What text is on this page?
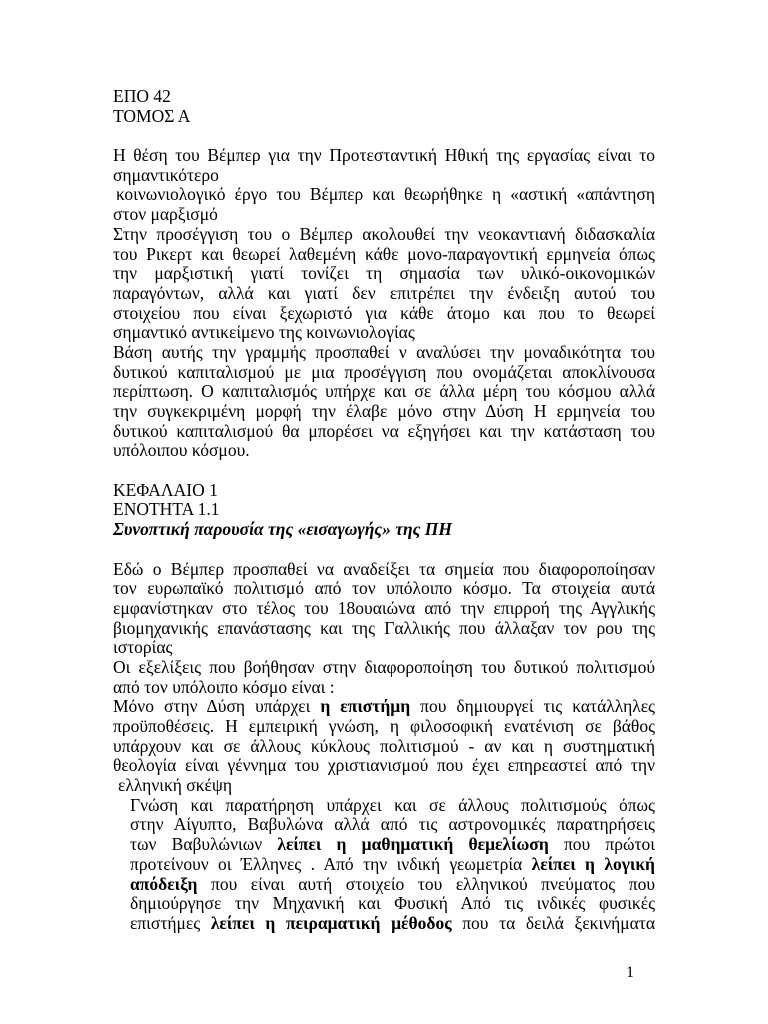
ΕΠΟ 42
ΤΟΜΟΣ Α
Η θέση του Βέμπερ για την Προτεσταντική Ηθική της εργασίας είναι το
σημαντικότερο
κοινωνιολογικό έργο του Βέμπερ και θεωρήθηκε η «αστική «απάντηση
στον μαρξισμό
Στην προσέγγιση του ο Βέμπερ ακολουθεί την νεοκαντιανή διδασκαλία
του Ρικερτ και θεωρεί λαθεμένη κάθε μονο-παραγοντική ερμηνεία όπως
την μαρξιστική γιατί τονίζει τη σημασία των υλικό-οικονομικών
παραγόντων, αλλά και γιατί δεν επιτρέπει την ένδειξη αυτού του
στοιχείου που είναι ξεχωριστό για κάθε άτομο και που το θεωρεί
σημαντικό αντικείμενο της κοινωνιολογίας
Βάση αυτής την γραμμής προσπαθεί ν αναλύσει την μοναδικότητα του
δυτικού καπιταλισμού με μια προσέγγιση που ονομάζεται αποκλίνουσα
περίπτωση. Ο καπιταλισμός υπήρχε και σε άλλα μέρη του κόσμου αλλά
την συγκεκριμένη μορφή την έλαβε μόνο στην Δύση Η ερμηνεία του
δυτικού καπιταλισμού θα μπορέσει να εξηγήσει και την κατάσταση του
υπόλοιπου κόσμου.
ΚΕΦΑΛΑΙΟ 1
ΕΝΟΤΗΤΑ 1.1
Συνοπτική παρουσία της «εισαγωγής» της ΠΗ
Εδώ ο Βέμπερ προσπαθεί να αναδείξει τα σημεία που διαφοροποίησαν
τον ευρωπαϊκό πολιτισμό από τον υπόλοιπο κόσμο. Τα στοιχεία αυτά
εμφανίστηκαν στο τέλος του 18ουαιώνα από την επιρροή της Αγγλικής
βιομηχανικής επανάστασης και της Γαλλικής που άλλαξαν τον ρου της
ιστορίας
Οι εξελίξεις που βοήθησαν στην διαφοροποίηση του δυτικού πολιτισμού
από τον υπόλοιπο κόσμο είναι :
Μόνο στην Δύση υπάρχει η επιστήμη που δημιουργεί τις κατάλληλες
προϋποθέσεις. Η εμπειρική γνώση, η φιλοσοφική ενατένιση σε βάθος
υπάρχουν και σε άλλους κύκλους πολιτισμού - αν και η συστηματική
θεολογία είναι γέννημα του χριστιανισμού που έχει επηρεαστεί από την
ελληνική σκέψη
Γνώση και παρατήρηση υπάρχει και σε άλλους πολιτισμούς όπως
στην Αίγυπτο, Βαβυλώνα αλλά από τις αστρονομικές παρατηρήσεις
των Βαβυλώνιων λείπει η μαθηματική θεμελίωση που πρώτοι
προτείνουν οι Έλληνες . Από την ινδική γεωμετρία λείπει η λογική
απόδειξη που είναι αυτή στοιχείο του ελληνικού πνεύματος που
δημιούργησε την Μηχανική και Φυσική Από τις ινδικές φυσικές
επιστήμες λείπει η πειραματική μέθοδος που τα δειλά ξεκινήματα
1
